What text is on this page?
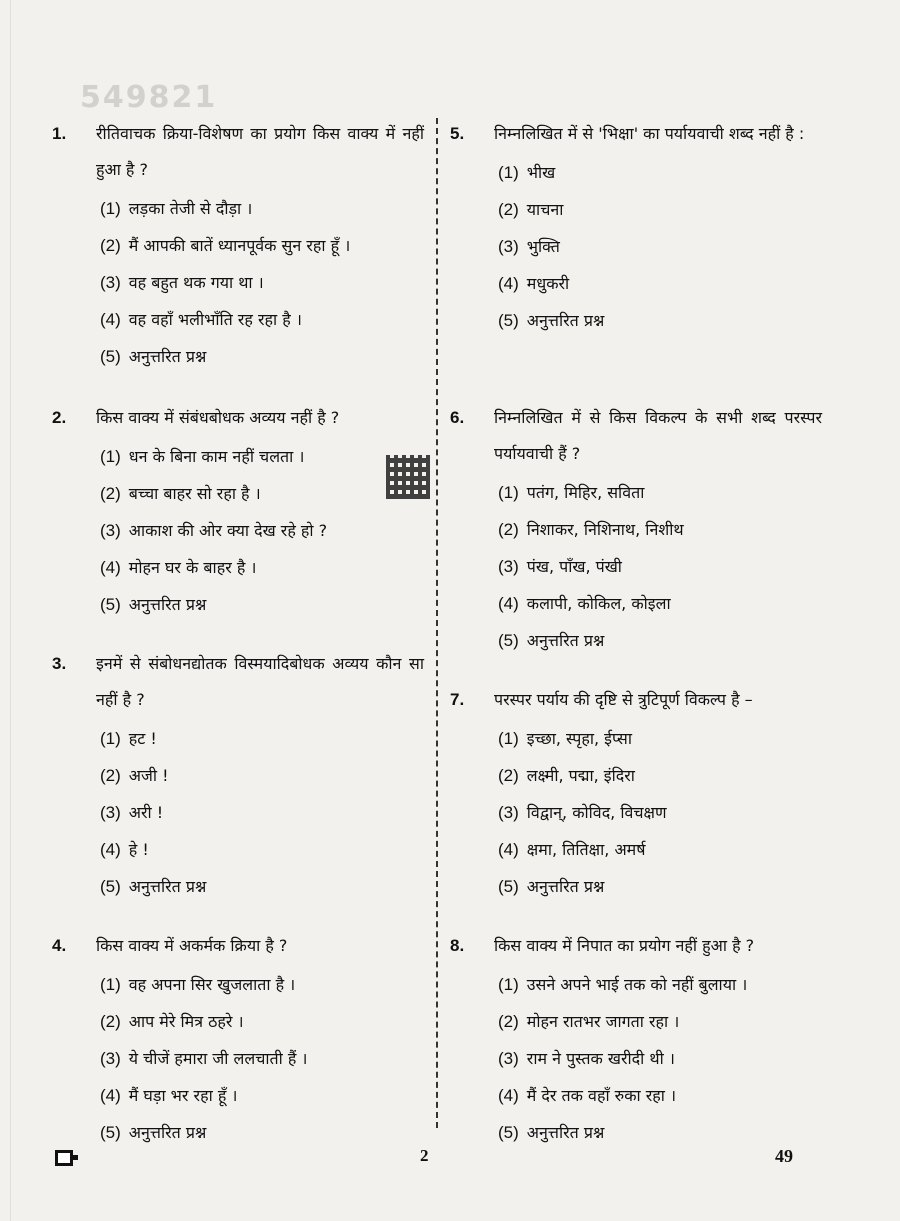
549821
1.	रीतिवाचक क्रिया-विशेषण का प्रयोग किस वाक्य में नहीं हुआ है ?
(1) लड़का तेजी से दौड़ा ।
(2) मैं आपकी बातें ध्यानपूर्वक सुन रहा हूँ ।
(3) वह बहुत थक गया था ।
(4) वह वहाँ भलीभाँति रह रहा है ।
(5) अनुत्तरित प्रश्न
2.	किस वाक्य में संबंधबोधक अव्यय नहीं है ?
(1) धन के बिना काम नहीं चलता ।
(2) बच्चा बाहर सो रहा है ।
(3) आकाश की ओर क्या देख रहे हो ?
(4) मोहन घर के बाहर है ।
(5) अनुत्तरित प्रश्न
3.	इनमें से संबोधनद्योतक विस्मयादिबोधक अव्यय कौन सा नहीं है ?
(1) हट !
(2) अजी !
(3) अरी !
(4) हे !
(5) अनुत्तरित प्रश्न
4.	किस वाक्य में अकर्मक क्रिया है ?
(1) वह अपना सिर खुजलाता है ।
(2) आप मेरे मित्र ठहरे ।
(3) ये चीजें हमारा जी ललचाती हैं ।
(4) मैं घड़ा भर रहा हूँ ।
(5) अनुत्तरित प्रश्न
5.	निम्नलिखित में से 'भिक्षा' का पर्यायवाची शब्द नहीं है :
(1) भीख
(2) याचना
(3) भुक्ति
(4) मधुकरी
(5) अनुत्तरित प्रश्न
6.	निम्नलिखित में से किस विकल्प के सभी शब्द परस्पर पर्यायवाची हैं ?
(1) पतंग, मिहिर, सविता
(2) निशाकर, निशिनाथ, निशीथ
(3) पंख, पाँख, पंखी
(4) कलापी, कोकिल, कोइला
(5) अनुत्तरित प्रश्न
7.	परस्पर पर्याय की दृष्टि से त्रुटिपूर्ण विकल्प है –
(1) इच्छा, स्पृहा, ईप्सा
(2) लक्ष्मी, पद्मा, इंदिरा
(3) विद्वान्, कोविद, विचक्षण
(4) क्षमा, तितिक्षा, अमर्ष
(5) अनुत्तरित प्रश्न
8.	किस वाक्य में निपात का प्रयोग नहीं हुआ है ?
(1) उसने अपने भाई तक को नहीं बुलाया ।
(2) मोहन रातभर जागता रहा ।
(3) राम ने पुस्तक खरीदी थी ।
(4) मैं देर तक वहाँ रुका रहा ।
(5) अनुत्तरित प्रश्न
2	49
